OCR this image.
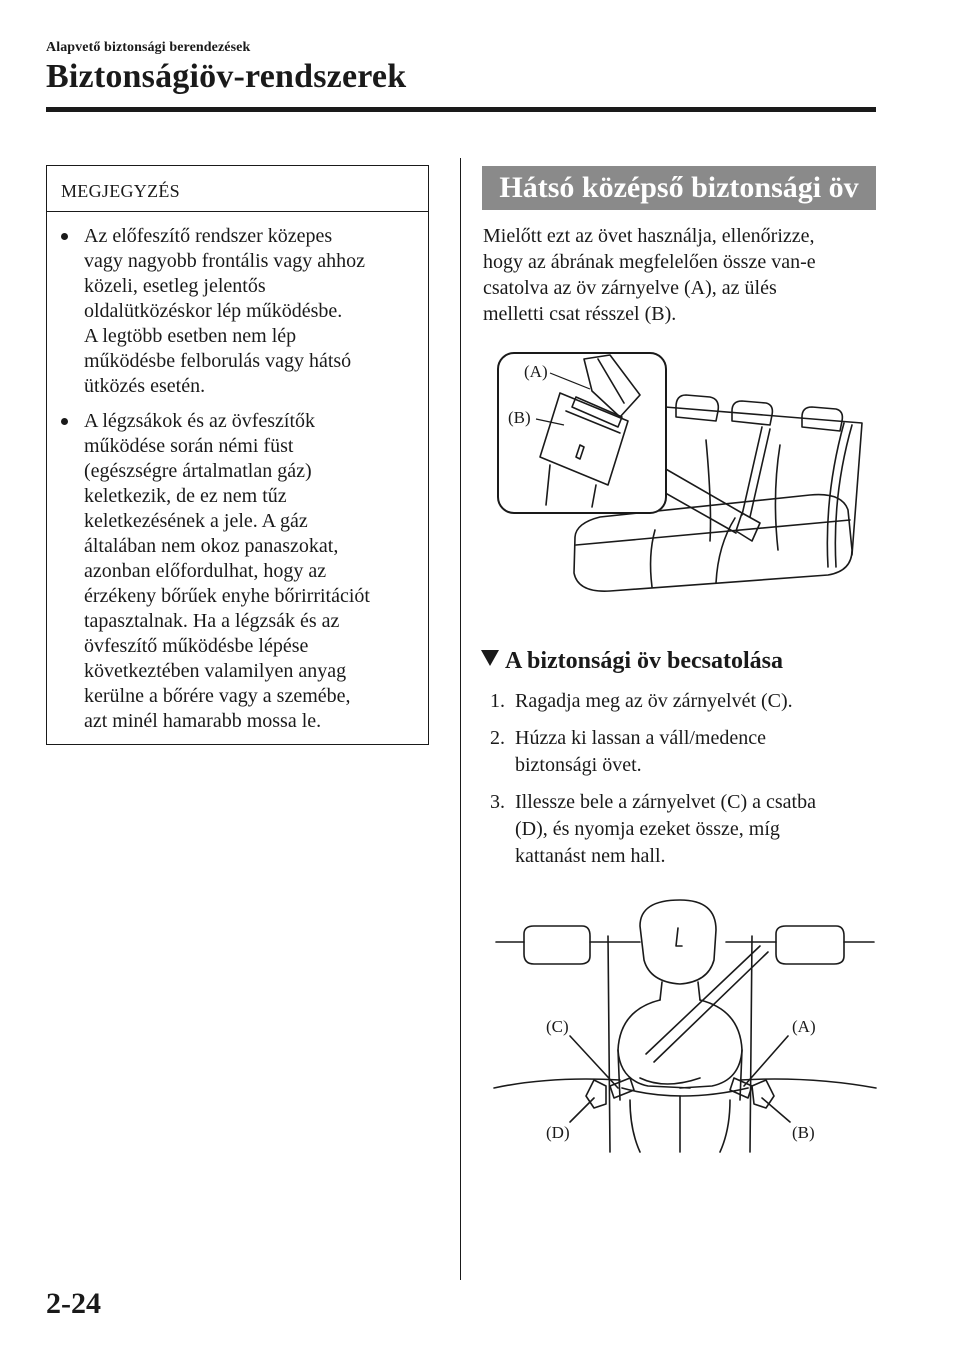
Alapvető biztonsági berendezések
Biztonságiöv-rendszerek
MEGJEGYZÉS
Az előfeszítő rendszer közepes
vagy nagyobb frontális vagy ahhoz
közeli, esetleg jelentős
oldalütközéskor lép működésbe.
A legtöbb esetben nem lép
működésbe felborulás vagy hátsó
ütközés esetén.
A légzsákok és az övfeszítők
működése során némi füst
(egészségre ártalmatlan gáz)
keletkezik, de ez nem tűz
keletkezésének a jele. A gáz
általában nem okoz panaszokat,
azonban előfordulhat, hogy az
érzékeny bőrűek enyhe bőrirritációt
tapasztalnak. Ha a légzsák és az
övfeszítő működésbe lépése
következtében valamilyen anyag
kerülne a bőrére vagy a szemébe,
azt minél hamarabb mossa le.
Hátsó középső biztonsági öv
Mielőtt ezt az övet használja, ellenőrizze,
hogy az ábrának megfelelően össze van-e
csatolva az öv zárnyelve (A), az ülés
melletti csat résszel (B).
(A)
(B)
A biztonsági öv becsatolása
1. Ragadja meg az öv zárnyelvét (C).
2. Húzza ki lassan a váll/medence
biztonsági övet.
3. Illessze bele a zárnyelvet (C) a csatba
(D), és nyomja ezeket össze, míg
kattanást nem hall.
(C)	(A)
(D)	(B)
2-24
